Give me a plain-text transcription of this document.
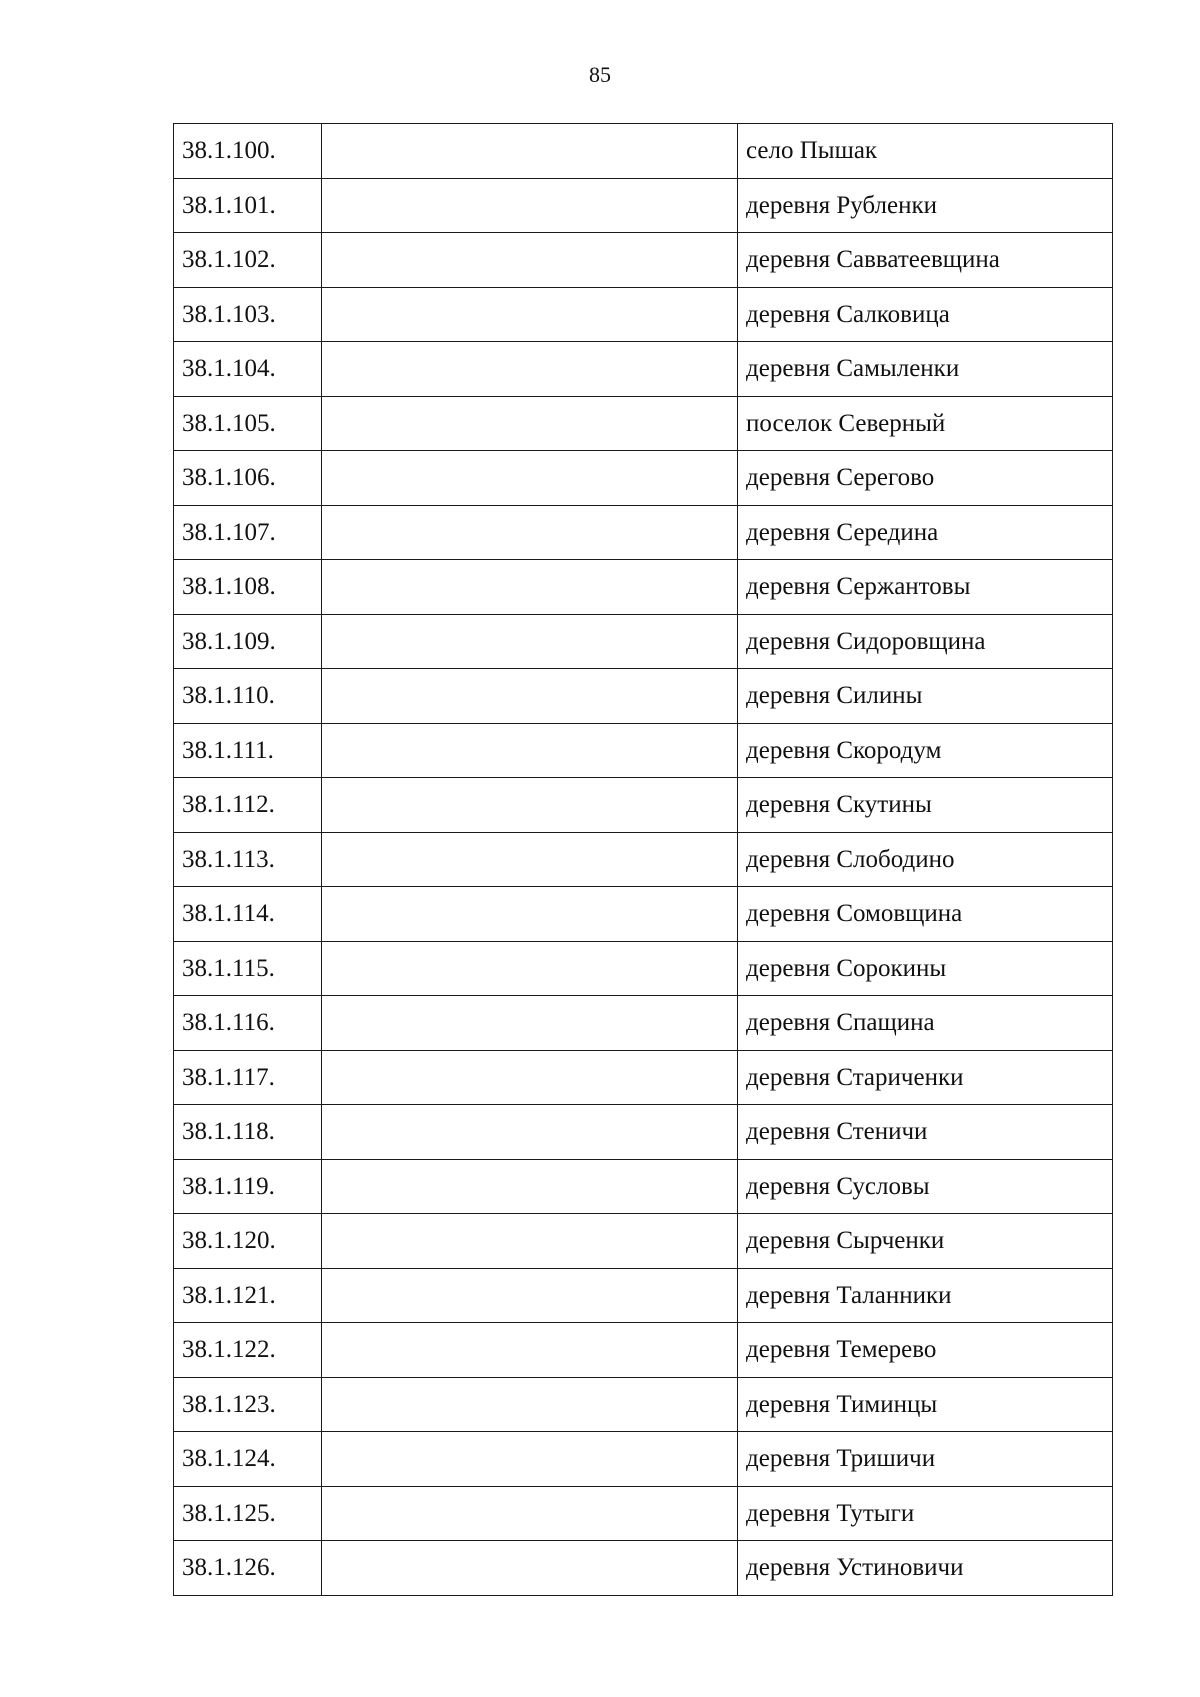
85
38.1.100.		село Пышак
38.1.101.		деревня Рубленки
38.1.102.		деревня Савватеевщина
38.1.103.		деревня Салковица
38.1.104.		деревня Самыленки
38.1.105.		поселок Северный
38.1.106.		деревня Серегово
38.1.107.		деревня Середина
38.1.108.		деревня Сержантовы
38.1.109.		деревня Сидоровщина
38.1.110.		деревня Силины
38.1.111.		деревня Скородум
38.1.112.		деревня Скутины
38.1.113.		деревня Слободино
38.1.114.		деревня Сомовщина
38.1.115.		деревня Сорокины
38.1.116.		деревня Спащина
38.1.117.		деревня Стариченки
38.1.118.		деревня Стеничи
38.1.119.		деревня Сусловы
38.1.120.		деревня Сырченки
38.1.121.		деревня Таланники
38.1.122.		деревня Темерево
38.1.123.		деревня Тиминцы
38.1.124.		деревня Тришичи
38.1.125.		деревня Тутыги
38.1.126.		деревня Устиновичи
